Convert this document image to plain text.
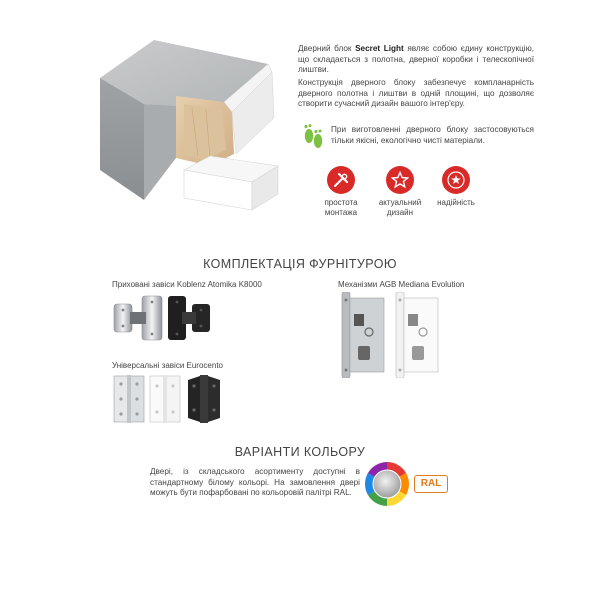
Дверний блок Secret Light являє собою єдину конструкцію, що складається з полотна, дверної коробки і телескопічної лиштви.
Конструкція дверного блоку забезпечує компланарність дверного полотна і лиштви в одній площині, що дозволяє створити сучасний дизайн вашого інтер'єру.
При виготовленні дверного блоку застосовуються тільки якісні, екологічно чисті матеріали.
простота монтажа
актуальний дизайн
надійність
КОМПЛЕКТАЦІЯ ФУРНІТУРОЮ
Приховані завіси Koblenz Atomika K8000	Механізми AGB Mediana Evolution
Універсальні завіси Eurocento
ВАРІАНТИ КОЛЬОРУ
Двері, із складського асортименту доступні в стандартному білому кольорі. На замовлення двері можуть бути пофарбовані по кольоровій палітрі RAL.
RAL
